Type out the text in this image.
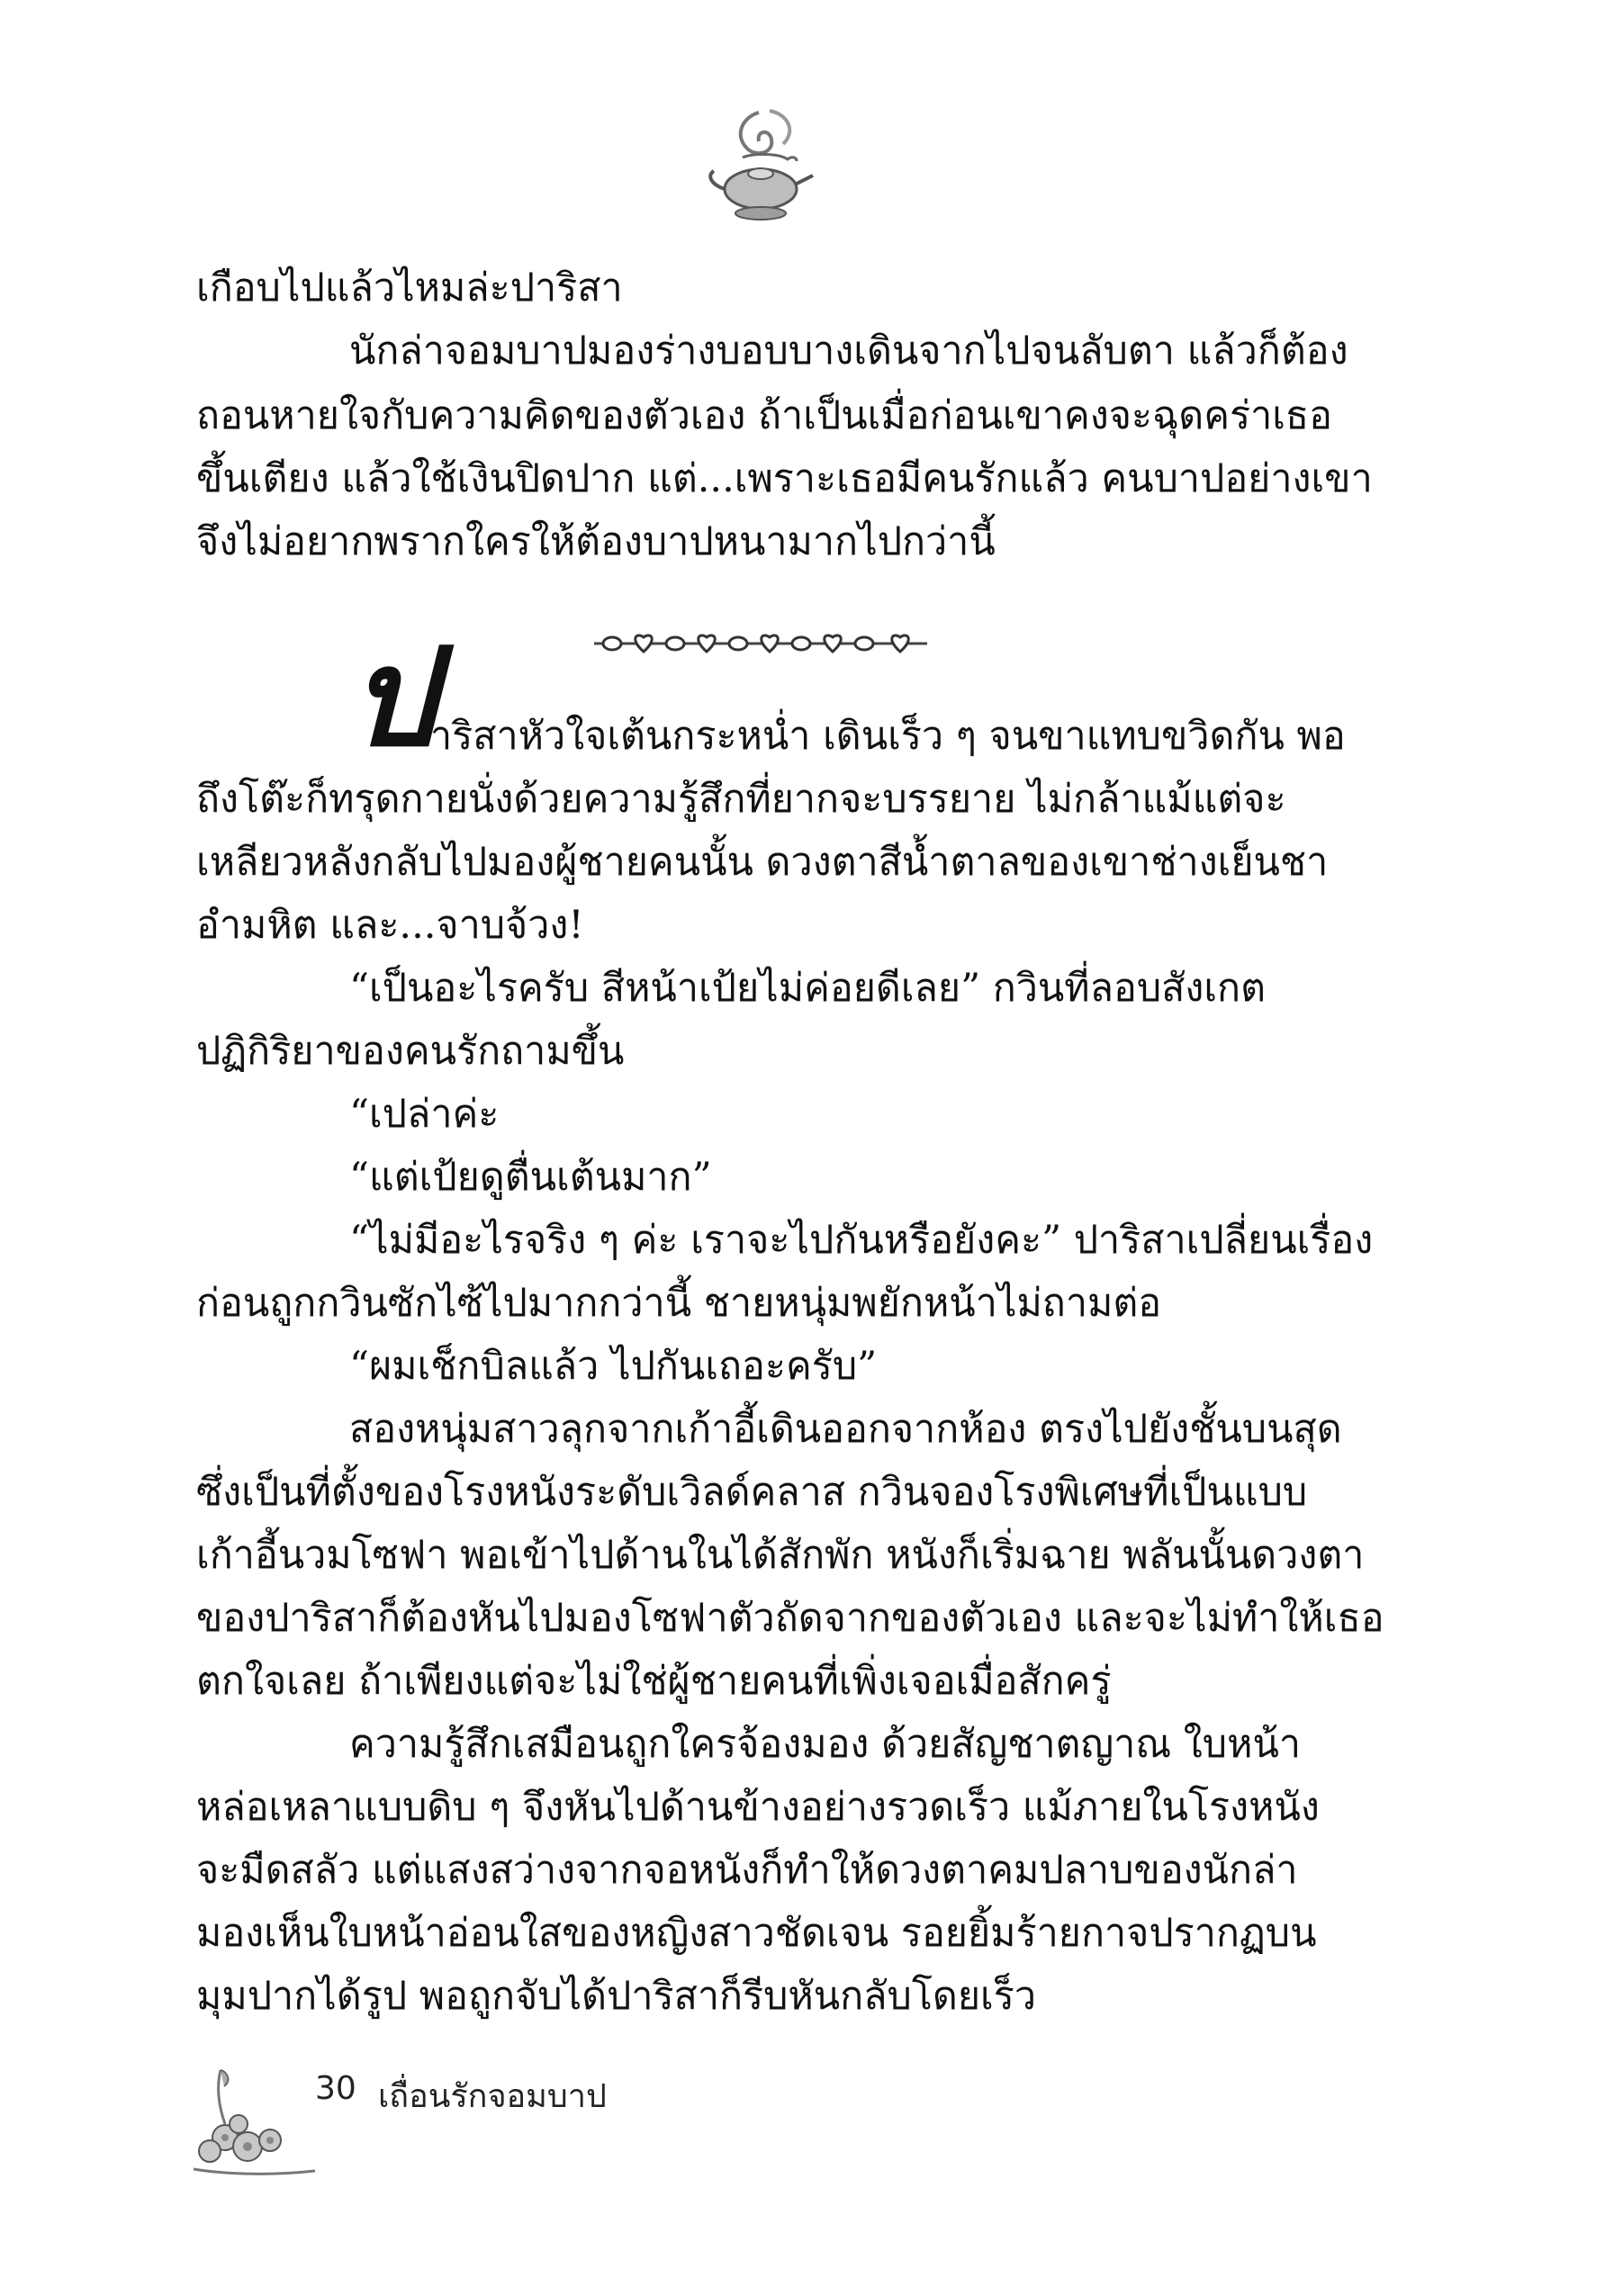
เกือบไปแล้วไหมล่ะปาริสา
นักล่าจอมบาปมองร่างบอบบางเดินจากไปจนลับตา แล้วก็ต้อง
ถอนหายใจกับความคิดของตัวเอง ถ้าเป็นเมื่อก่อนเขาคงจะฉุดคร่าเธอ
ขึ้นเตียง แล้วใช้เงินปิดปาก แต่...เพราะเธอมีคนรักแล้ว คนบาปอย่างเขา
จึงไม่อยากพรากใครให้ต้องบาปหนามากไปกว่านี้
ป
าริสาหัวใจเต้นกระหน่ำ เดินเร็ว ๆ จนขาแทบขวิดกัน พอ
ถึงโต๊ะก็ทรุดกายนั่งด้วยความรู้สึกที่ยากจะบรรยาย ไม่กล้าแม้แต่จะ
เหลียวหลังกลับไปมองผู้ชายคนนั้น ดวงตาสีน้ำตาลของเขาช่างเย็นชา
อำมหิต และ...จาบจ้วง!
“เป็นอะไรครับ สีหน้าเป้ยไม่ค่อยดีเลย” กวินที่ลอบสังเกต
ปฏิกิริยาของคนรักถามขึ้น
“เปล่าค่ะ
“แต่เป้ยดูตื่นเต้นมาก”
“ไม่มีอะไรจริง ๆ ค่ะ เราจะไปกันหรือยังคะ” ปาริสาเปลี่ยนเรื่อง
ก่อนถูกกวินซักไซ้ไปมากกว่านี้ ชายหนุ่มพยักหน้าไม่ถามต่อ
“ผมเช็กบิลแล้ว ไปกันเถอะครับ”
สองหนุ่มสาวลุกจากเก้าอี้เดินออกจากห้อง ตรงไปยังชั้นบนสุด
ซึ่งเป็นที่ตั้งของโรงหนังระดับเวิลด์คลาส กวินจองโรงพิเศษที่เป็นแบบ
เก้าอี้นวมโซฟา พอเข้าไปด้านในได้สักพัก หนังก็เริ่มฉาย พลันนั้นดวงตา
ของปาริสาก็ต้องหันไปมองโซฟาตัวถัดจากของตัวเอง และจะไม่ทำให้เธอ
ตกใจเลย ถ้าเพียงแต่จะไม่ใช่ผู้ชายคนที่เพิ่งเจอเมื่อสักครู่
ความรู้สึกเสมือนถูกใครจ้องมอง ด้วยสัญชาตญาณ ใบหน้า
หล่อเหลาแบบดิบ ๆ จึงหันไปด้านข้างอย่างรวดเร็ว แม้ภายในโรงหนัง
จะมืดสลัว แต่แสงสว่างจากจอหนังก็ทำให้ดวงตาคมปลาบของนักล่า
มองเห็นใบหน้าอ่อนใสของหญิงสาวชัดเจน รอยยิ้มร้ายกาจปรากฏบน
มุมปากได้รูป พอถูกจับได้ปาริสาก็รีบหันกลับโดยเร็ว
30 เถื่อนรักจอมบาป
